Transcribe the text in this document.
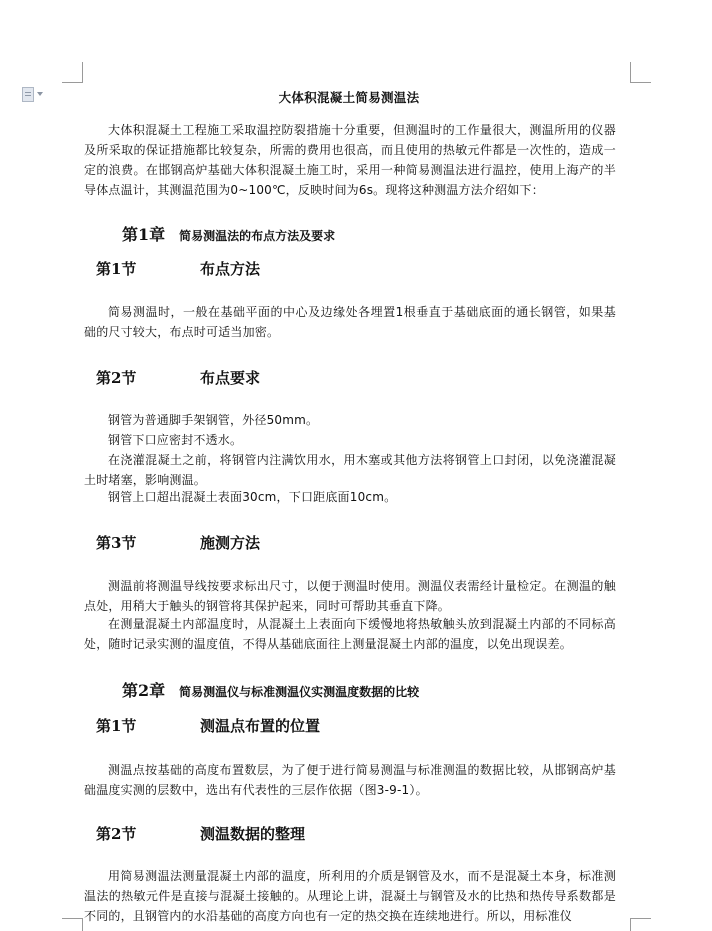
大体积混凝土简易测温法

大体积混凝土工程施工采取温控防裂措施十分重要，但测温时的工作量很大，测温所用的仪器及所采取的保证措施都比较复杂，所需的费用也很高，而且使用的热敏元件都是一次性的，造成一定的浪费。在邯钢高炉基础大体积混凝土施工时，采用一种简易测温法进行温控，使用上海产的半导体点温计，其测温范围为0~100℃，反映时间为6s。现将这种测温方法介绍如下：

第1章 简易测温法的布点方法及要求
第1节	布点方法

简易测温时，一般在基础平面的中心及边缘处各埋置1根垂直于基础底面的通长钢管，如果基础的尺寸较大，布点时可适当加密。

第2节	布点要求

钢管为普通脚手架钢管，外径50mm。

钢管下口应密封不透水。

在浇灌混凝土之前，将钢管内注满饮用水，用木塞或其他方法将钢管上口封闭，以免浇灌混凝土时堵塞，影响测温。

钢管上口超出混凝土表面30cm，下口距底面10cm。

第3节	施测方法

测温前将测温导线按要求标出尺寸，以便于测温时使用。测温仪表需经计量检定。在测温的触点处，用稍大于触头的钢管将其保护起来，同时可帮助其垂直下降。

在测量混凝土内部温度时，从混凝土上表面向下缓慢地将热敏触头放到混凝土内部的不同标高处，随时记录实测的温度值，不得从基础底面往上测量混凝土内部的温度，以免出现误差。

第2章 简易测温仪与标准测温仪实测温度数据的比较
第1节	测温点布置的位置

测温点按基础的高度布置数层，为了便于进行简易测温与标准测温的数据比较，从邯钢高炉基础温度实测的层数中，选出有代表性的三层作依据（图3-9-1）。

第2节	测温数据的整理

用简易测温法测量混凝土内部的温度，所利用的介质是钢管及水，而不是混凝土本身，标准测温法的热敏元件是直接与混凝土接触的。从理论上讲，混凝土与钢管及水的比热和热传导系数都是不同的，且钢管内的水沿基础的高度方向也有一定的热交换在连续地进行。所以，用标准仪
